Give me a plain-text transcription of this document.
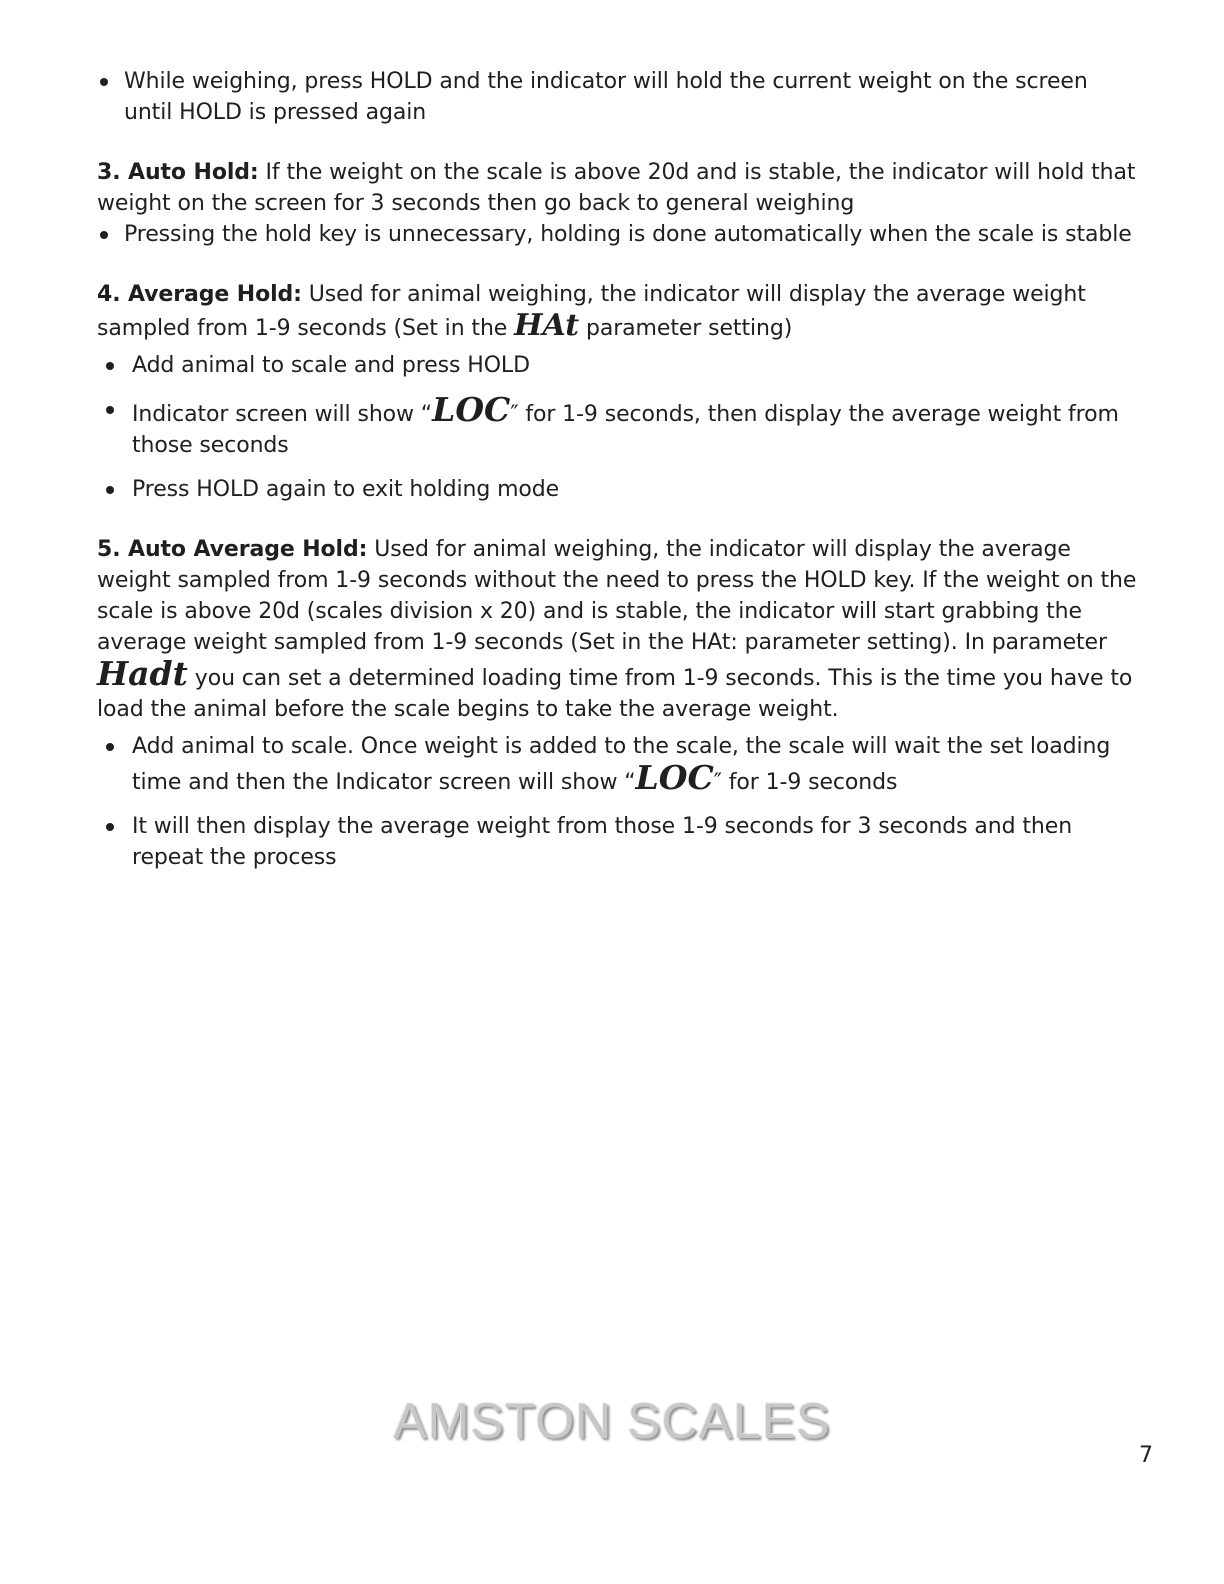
While weighing, press HOLD and the indicator will hold the current weight on the screen until HOLD is pressed again

3. Auto Hold: If the weight on the scale is above 20d and is stable, the indicator will hold that weight on the screen for 3 seconds then go back to general weighing

Pressing the hold key is unnecessary, holding is done automatically when the scale is stable

4. Average Hold: Used for animal weighing, the indicator will display the average weight sampled from 1-9 seconds (Set in the HAt parameter setting)

Add animal to scale and press HOLD
Indicator screen will show “LOC″ for 1-9 seconds, then display the average weight from those seconds
Press HOLD again to exit holding mode

5. Auto Average Hold: Used for animal weighing, the indicator will display the average weight sampled from 1-9 seconds without the need to press the HOLD key. If the weight on the scale is above 20d (scales division x 20) and is stable, the indicator will start grabbing the average weight sampled from 1-9 seconds (Set in the HAt: parameter setting). In parameter Hadt you can set a determined loading time from 1-9 seconds. This is the time you have to load the animal before the scale begins to take the average weight.

Add animal to scale. Once weight is added to the scale, the scale will wait the set loading time and then the Indicator screen will show “LOC″ for 1-9 seconds
It will then display the average weight from those 1-9 seconds for 3 seconds and then repeat the process
AMSTON SCALES
7
